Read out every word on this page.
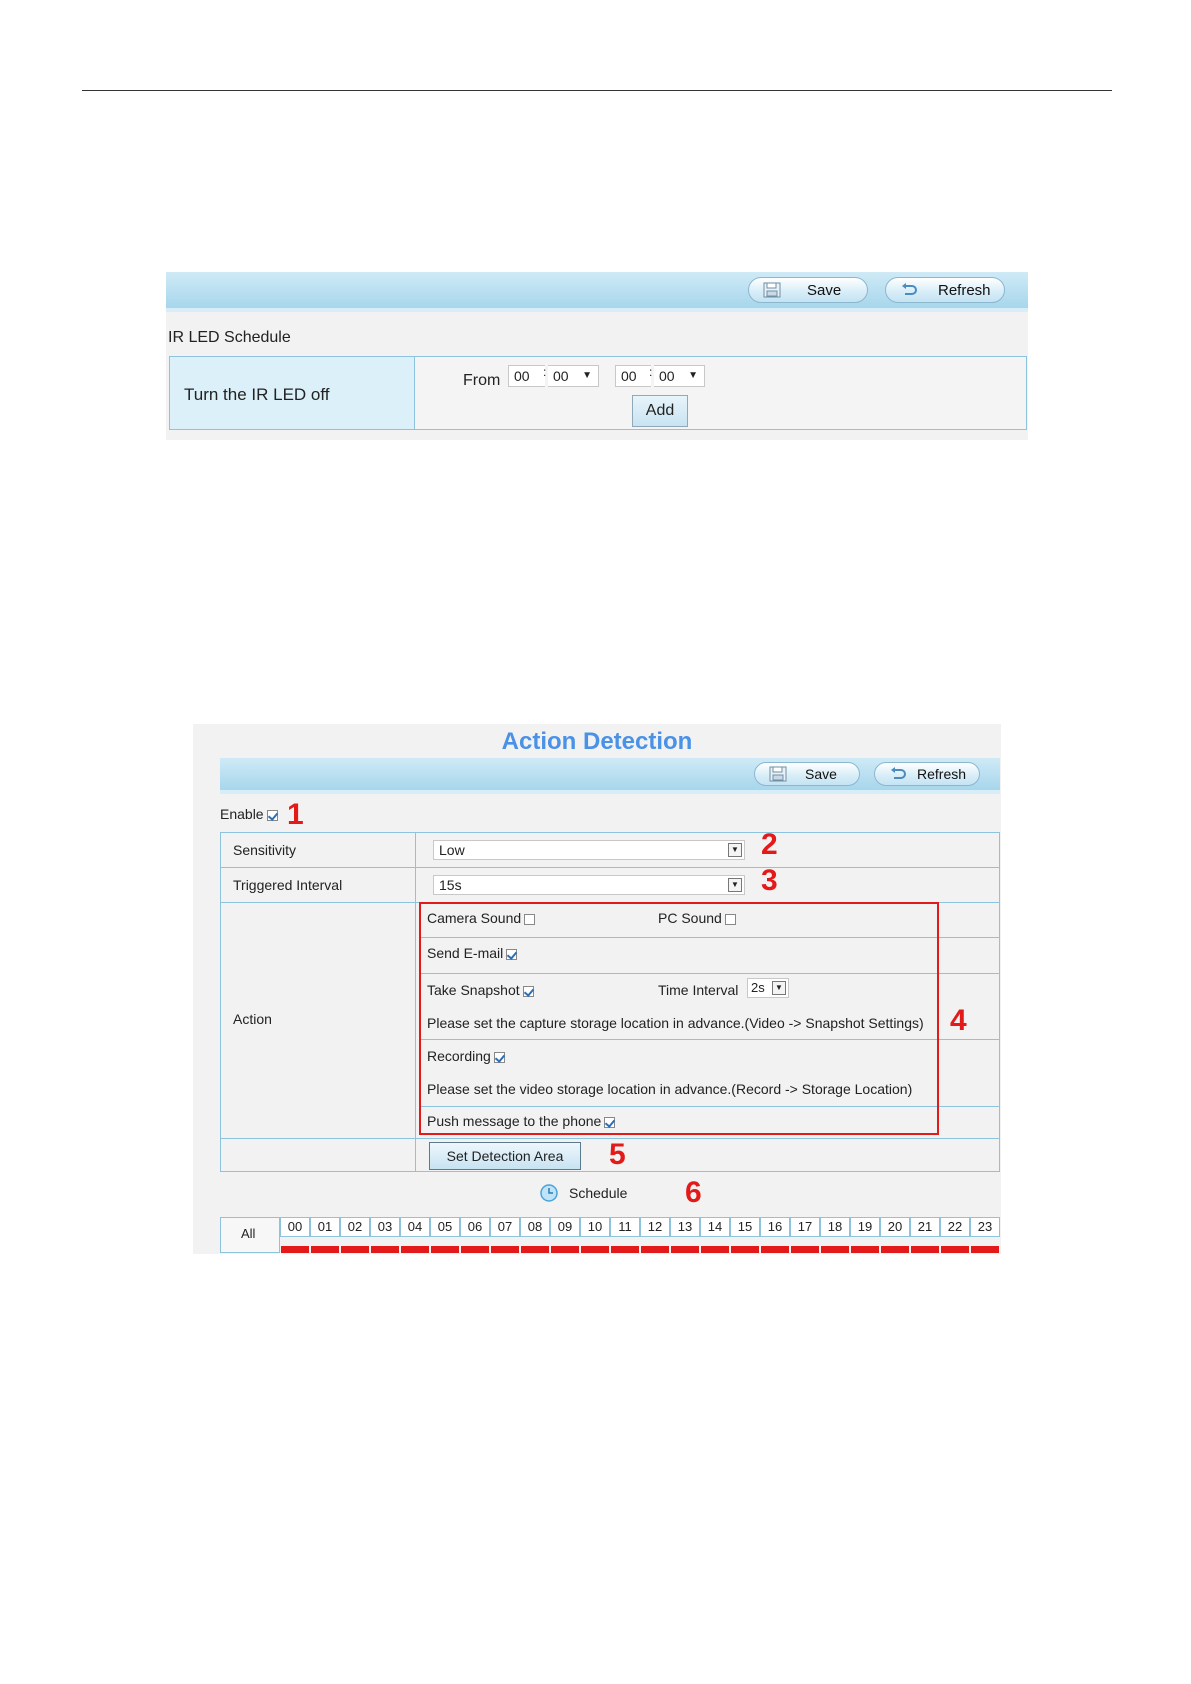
Save	Refresh
IR LED Schedule
Turn the IR LED off
From 00 : 00 ▼ 00 : 00 ▼
Add
Action Detection
Save	Refresh
Enable 1
Sensitivity	Low	▼ 2
Triggered Interval	15s	▼ 3
Action
Camera Sound	PC Sound
Send E-mail
Take Snapshot	Time Interval 2s	▼
Please set the capture storage location in advance.(Video -> Snapshot Settings)
Recording
Please set the video storage location in advance.(Record -> Storage Location)
Push message to the phone
4
Set Detection Area	5
Schedule 6
All	00	01	02	03	04	05	06	07	08	09	10	11	12	13	14	15	16	17	18	19	20	21	22	23
